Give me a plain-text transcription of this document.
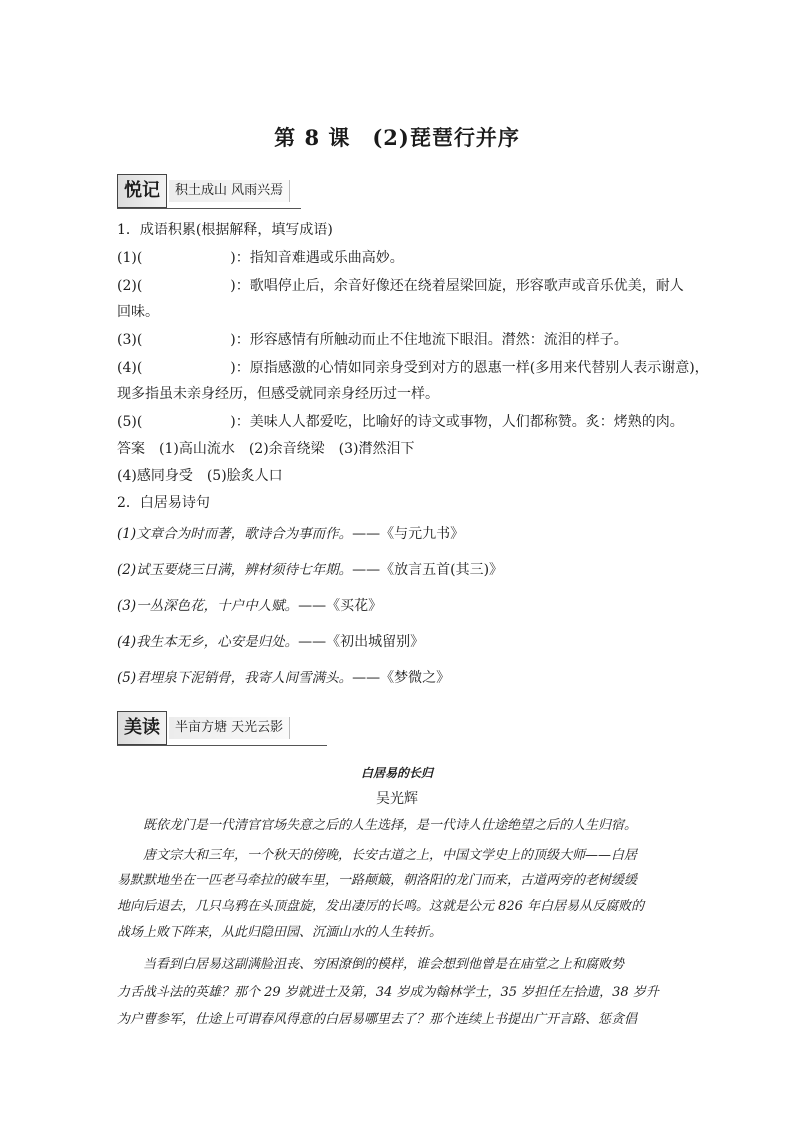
第 8 课　(2)琵琶行并序
悦记	积土成山 风雨兴焉
1．成语积累(根据解释，填写成语)
(1)(	)：指知音难遇或乐曲高妙。
(2)(	)：歌唱停止后，余音好像还在绕着屋梁回旋，形容歌声或音乐优美，耐人
回味。
(3)(	)：形容感情有所触动而止不住地流下眼泪。潸然：流泪的样子。
(4)(	)：原指感激的心情如同亲身受到对方的恩惠一样(多用来代替别人表示谢意)，
现多指虽未亲身经历，但感受就同亲身经历过一样。
(5)(	)：美味人人都爱吃，比喻好的诗文或事物，人们都称赞。炙：烤熟的肉。
答案　(1)高山流水　(2)余音绕梁　(3)潸然泪下
(4)感同身受　(5)脍炙人口
2．白居易诗句
(1)文章合为时而著，歌诗合为事而作。——《与元九书》
(2)试玉要烧三日满，辨材须待七年期。——《放言五首(其三)》
(3)一丛深色花，十户中人赋。——《买花》
(4)我生本无乡，心安是归处。——《初出城留别》
(5)君埋泉下泥销骨，我寄人间雪满头。——《梦微之》
美读	半亩方塘 天光云影
白居易的长归
吴光辉
　　既依龙门是一代清官官场失意之后的人生选择，是一代诗人仕途绝望之后的人生归宿。
　　唐文宗大和三年，一个秋天的傍晚，长安古道之上，中国文学史上的顶级大师——白居
易默默地坐在一匹老马牵拉的破车里，一路颠簸，朝洛阳的龙门而来，古道两旁的老树缓缓
地向后退去，几只乌鸦在头顶盘旋，发出凄厉的长鸣。这就是公元 826 年白居易从反腐败的
战场上败下阵来，从此归隐田园、沉湎山水的人生转折。
　　当看到白居易这副满脸沮丧、穷困潦倒的模样，谁会想到他曾是在庙堂之上和腐败势
力舌战斗法的英雄？那个 29 岁就进士及第，34 岁成为翰林学士，35 岁担任左拾遗，38 岁升
为户曹参军，仕途上可谓春风得意的白居易哪里去了？那个连续上书提出广开言路、惩贪倡
